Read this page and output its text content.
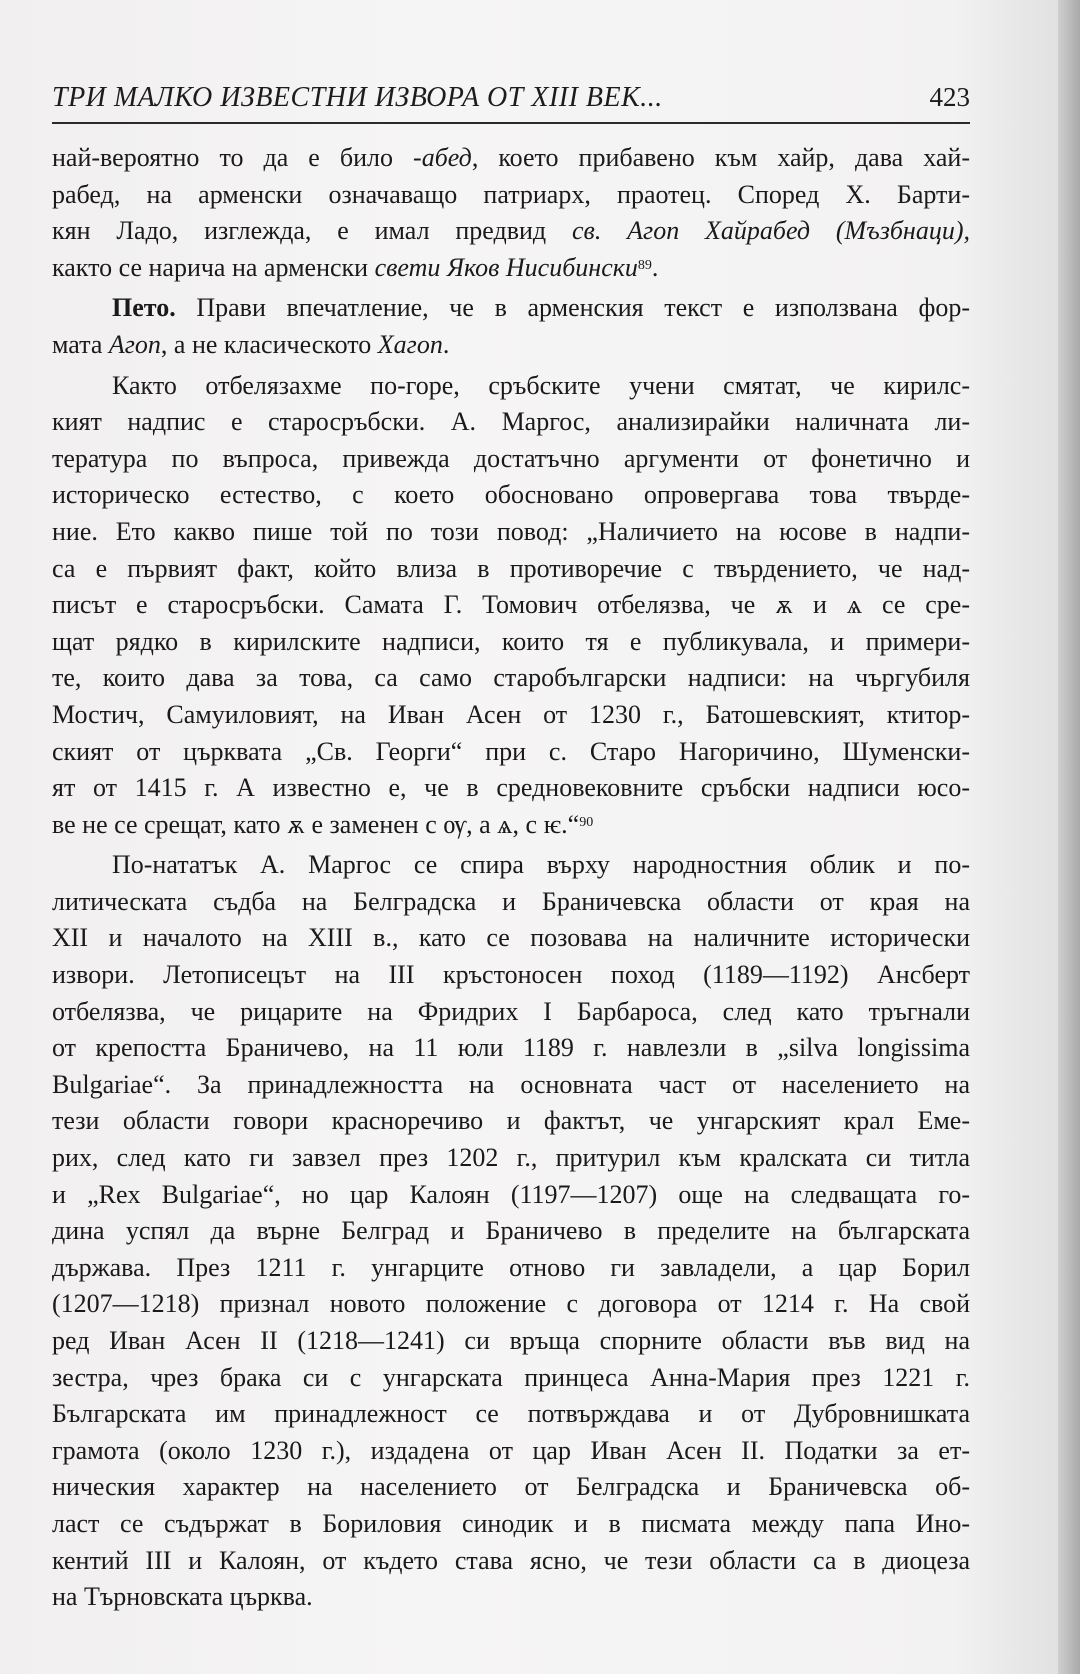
ТРИ МАЛКО ИЗВЕСТНИ ИЗВОРА ОТ XIII ВЕК...	423
най-вероятно то да е било -абед, което прибавено към хайр, дава хай-
рабед, на арменски означаващо патриарх, праотец. Според Х. Барти-
кян Ладо, изглежда, е имал предвид св. Агоп Хайрабед (Мъзбнаци),
както се нарича на арменски свети Яков Нисибински$^{89}$.
Пето. Прави впечатление, че в арменския текст е използвана фор-
мата Агоп, а не класическото Хагоп.
Както отбелязахме по-горе, сръбските учени смятат, че кирилс-
кият надпис е старосръбски. А. Маргос, анализирайки наличната ли-
тература по въпроса, привежда достатъчно аргументи от фонетично и
историческо естество, с което обосновано опровергава това твърде-
ние. Ето какво пише той по този повод: „Наличието на юсове в надпи-
са е първият факт, който влиза в противоречие с твърдението, че над-
писът е старосръбски. Самата Г. Томович отбелязва, че ѫ и ѧ се сре-
щат рядко в кирилските надписи, които тя е публикувала, и примери-
те, които дава за това, са само старобългарски надписи: на чъргубиля
Мостич, Самуиловият, на Иван Асен от 1230 г., Батошевският, ктитор-
ският от църквата „Св. Георги“ при с. Старо Нагоричино, Шуменски-
ят от 1415 г. А известно е, че в средновековните сръбски надписи юсо-
ве не се срещат, като ѫ е заменен с ѹ, а ѧ, с ѥ.“$^{90}$
По-нататък А. Маргос се спира върху народностния облик и по-
литическата съдба на Белградска и Браничевска области от края на
XII и началото на XIII в., като се позовава на наличните исторически
извори. Летописецът на III кръстоносен поход (1189—1192) Ансберт
отбелязва, че рицарите на Фридрих I Барбароса, след като тръгнали
от крепостта Браничево, на 11 юли 1189 г. навлезли в „silva longissima
Bulgariae“. За принадлежността на основната част от населението на
тези области говори красноречиво и фактът, че унгарският крал Еме-
рих, след като ги завзел през 1202 г., притурил към кралската си титла
и „Rex Bulgariae“, но цар Калоян (1197—1207) още на следващата го-
дина успял да върне Белград и Браничево в пределите на българската
държава. През 1211 г. унгарците отново ги завладели, а цар Борил
(1207—1218) признал новото положение с договора от 1214 г. На свой
ред Иван Асен II (1218—1241) си връща спорните области във вид на
зестра, чрез брака си с унгарската принцеса Анна-Мария през 1221 г.
Българската им принадлежност се потвърждава и от Дубровнишката
грамота (около 1230 г.), издадена от цар Иван Асен II. Податки за ет-
ническия характер на населението от Белградска и Браничевска об-
ласт се съдържат в Бориловия синодик и в писмата между папа Ино-
кентий III и Калоян, от където става ясно, че тези области са в диоцеза
на Търновската църква.
